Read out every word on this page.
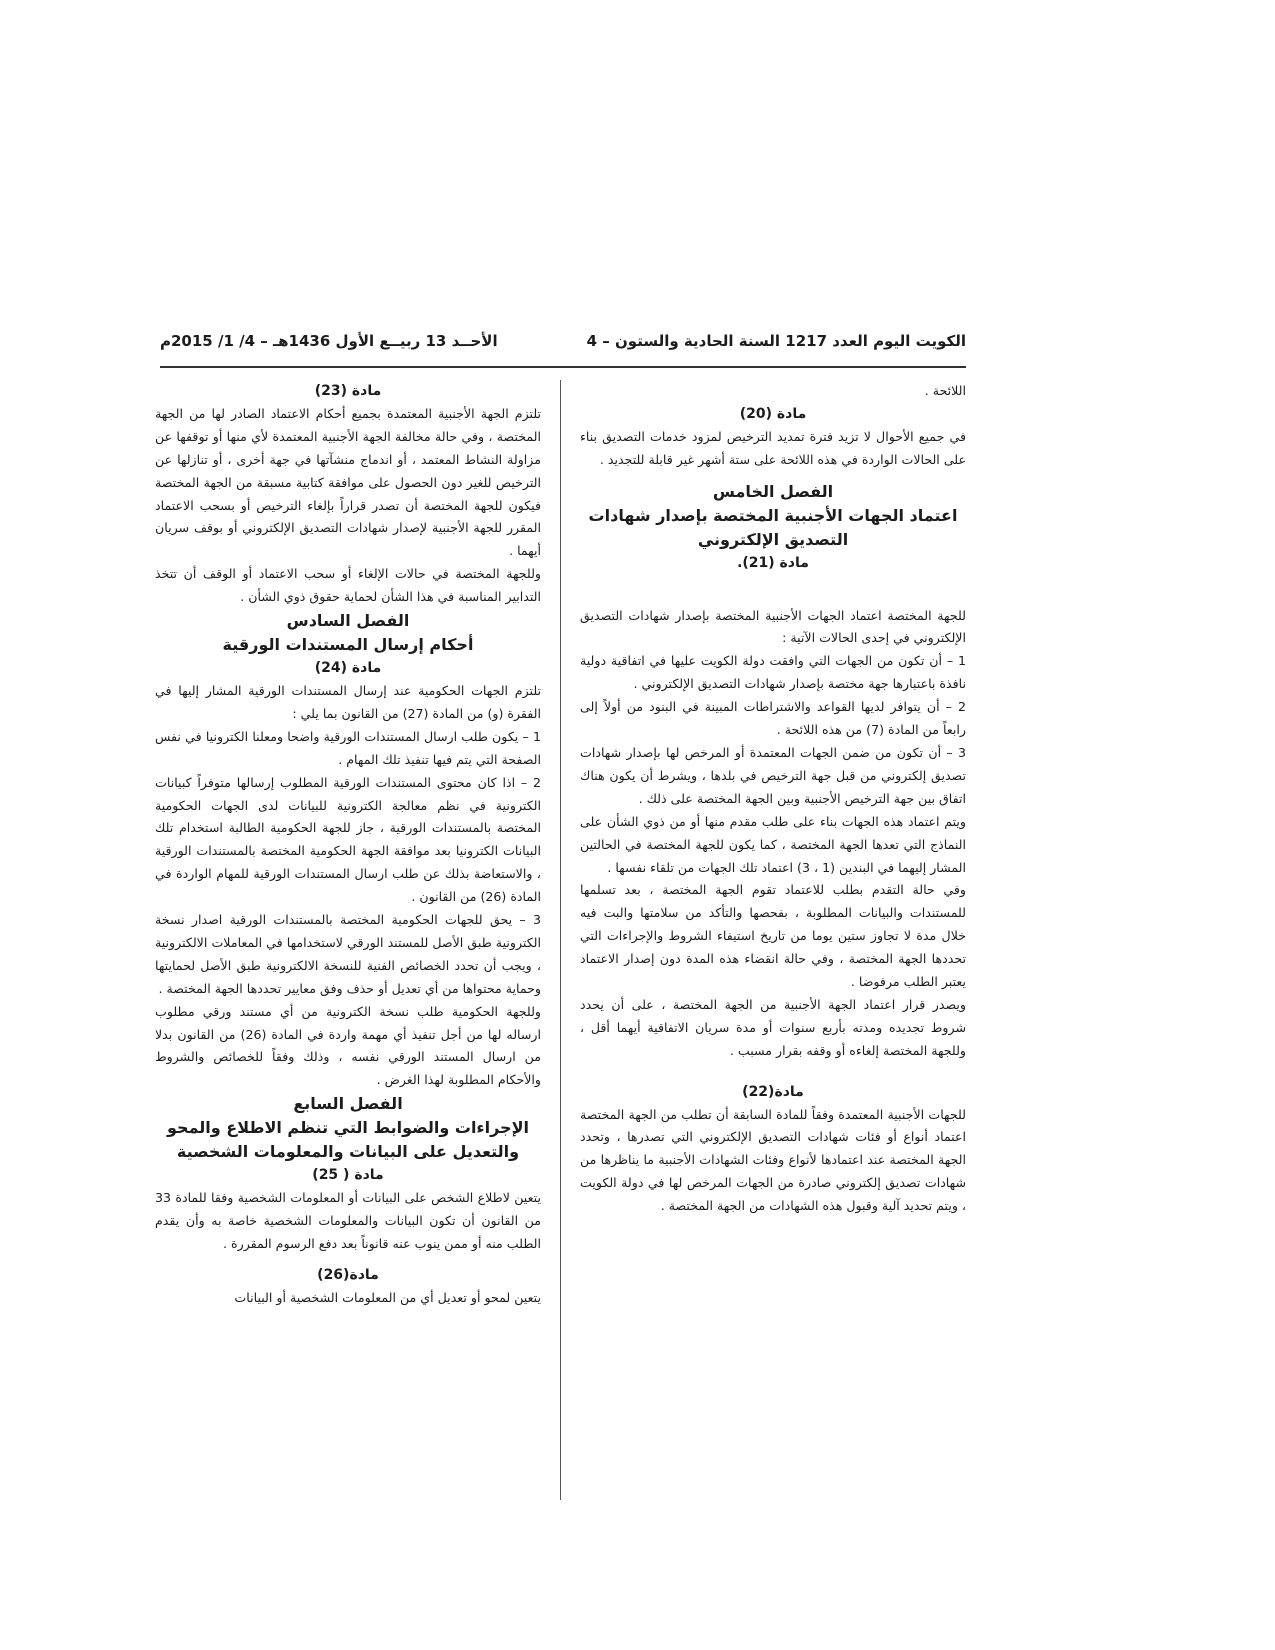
الكويت اليوم العدد 1217 السنة الحادية والستون – 4
الأحــد 13 ربيــع الأول 1436هـ – 4/ 1/ 2015م

اللائحة .

مادة (20)

في جميع الأحوال لا تزيد فترة تمديد الترخيص لمزود خدمات التصديق بناء على الحالات الواردة في هذه اللائحة على ستة أشهر غير قابلة للتجديد .

الفصل الخامس

اعتماد الجهات الأجنبية المختصة بإصدار شهادات التصديق الإلكتروني

مادة (21).

للجهة المختصة اعتماد الجهات الأجنبية المختصة بإصدار شهادات التصديق الإلكتروني في إحدى الحالات الآتية :

1 – أن تكون من الجهات التي وافقت دولة الكويت عليها في اتفاقية دولية نافذة باعتبارها جهة مختصة بإصدار شهادات التصديق الإلكتروني .

2 – أن يتوافر لديها القواعد والاشتراطات المبينة في البنود من أولاً إلى رابعاً من المادة (7) من هذه اللائحة .

3 – أن تكون من ضمن الجهات المعتمدة أو المرخص لها بإصدار شهادات تصديق إلكتروني من قبل جهة الترخيص في بلدها ، ويشرط أن يكون هناك اتفاق بين جهة الترخيص الأجنبية وبين الجهة المختصة على ذلك .

ويتم اعتماد هذه الجهات بناء على طلب مقدم منها أو من ذوي الشأن على النماذج التي تعدها الجهة المختصة ، كما يكون للجهة المختصة في الحالتين المشار إليهما في البندين (1 ، 3) اعتماد تلك الجهات من تلقاء نفسها .

وفي حالة التقدم بطلب للاعتماد تقوم الجهة المختصة ، بعد تسلمها للمستندات والبيانات المطلوبة ، بفحصها والتأكد من سلامتها والبت فيه خلال مدة لا تجاوز ستين يوما من تاريخ استيفاء الشروط والإجراءات التي تحددها الجهة المختصة ، وفي حالة انقضاء هذه المدة دون إصدار الاعتماد يعتبر الطلب مرفوضا .

ويصدر قرار اعتماد الجهة الأجنبية من الجهة المختصة ، على أن يحدد شروط تجديده ومدته بأربع سنوات أو مدة سريان الاتفاقية أيهما أقل ، وللجهة المختصة إلغاءه أو وقفه بقرار مسبب .

مادة(22)

للجهات الأجنبية المعتمدة وفقاً للمادة السابقة أن تطلب من الجهة المختصة اعتماد أنواع أو فئات شهادات التصديق الإلكتروني التي تصدرها ، وتحدد الجهة المختصة عند اعتمادها لأنواع وفئات الشهادات الأجنبية ما يناظرها من شهادات تصديق إلكتروني صادرة من الجهات المرخص لها في دولة الكويت ، ويتم تحديد آلية وقبول هذه الشهادات من الجهة المختصة .

مادة (23)

تلتزم الجهة الأجنبية المعتمدة بجميع أحكام الاعتماد الصادر لها من الجهة المختصة ، وفي حالة مخالفة الجهة الأجنبية المعتمدة لأي منها أو توقفها عن مزاولة النشاط المعتمد ، أو اندماج منشآتها في جهة أخرى ، أو تنازلها عن الترخيص للغير دون الحصول على موافقة كتابية مسبقة من الجهة المختصة فيكون للجهة المختصة أن تصدر قراراً بإلغاء الترخيص أو بسحب الاعتماد المقرر للجهة الأجنبية لإصدار شهادات التصديق الإلكتروني أو بوقف سريان أيهما .

وللجهة المختصة في حالات الإلغاء أو سحب الاعتماد أو الوقف أن تتخذ التدابير المناسبة في هذا الشأن لحماية حقوق ذوي الشأن .

الفصل السادس

أحكام إرسال المستندات الورقية

مادة (24)

تلتزم الجهات الحكومية عند إرسال المستندات الورقية المشار إليها في الفقرة (و) من المادة (27) من القانون بما يلي :

1 – يكون طلب ارسال المستندات الورقية واضحا ومعلنا الكترونيا في نفس الصفحة التي يتم فيها تنفيذ تلك المهام .

2 – اذا كان محتوى المستندات الورقية المطلوب إرسالها متوفراً كبيانات الكترونية في نظم معالجة الكترونية للبيانات لدى الجهات الحكومية المختصة بالمستندات الورقية ، جاز للجهة الحكومية الطالبة استخدام تلك البيانات الكترونيا بعد موافقة الجهة الحكومية المختصة بالمستندات الورقية ، والاستعاضة بذلك عن طلب ارسال المستندات الورقية للمهام الواردة في المادة (26) من القانون .

3 – يحق للجهات الحكومية المختصة بالمستندات الورقية اصدار نسخة الكترونية طبق الأصل للمستند الورقي لاستخدامها في المعاملات الالكترونية ، ويجب أن تحدد الخصائص الفنية للنسخة الالكترونية طبق الأصل لحمايتها وحماية محتواها من أي تعديل أو حذف وفق معايير تحددها الجهة المختصة .

وللجهة الحكومية طلب نسخة الكترونية من أي مستند ورقي مطلوب ارساله لها من أجل تنفيذ أي مهمة واردة في المادة (26) من القانون بدلا من ارسال المستند الورقي نفسه ، وذلك وفقاً للخصائص والشروط والأحكام المطلوبة لهذا الغرض .

الفصل السابع

الإجراءات والضوابط التي تنظم الاطلاع والمحو والتعديل على البيانات والمعلومات الشخصية

مادة ( 25)

يتعين لاطلاع الشخص على البيانات أو المعلومات الشخصية وفقا للمادة 33 من القانون أن تكون البيانات والمعلومات الشخصية خاصة به وأن يقدم الطلب منه أو ممن ينوب عنه قانوناً بعد دفع الرسوم المقررة .

مادة(26)

يتعين لمحو أو تعديل أي من المعلومات الشخصية أو البيانات
